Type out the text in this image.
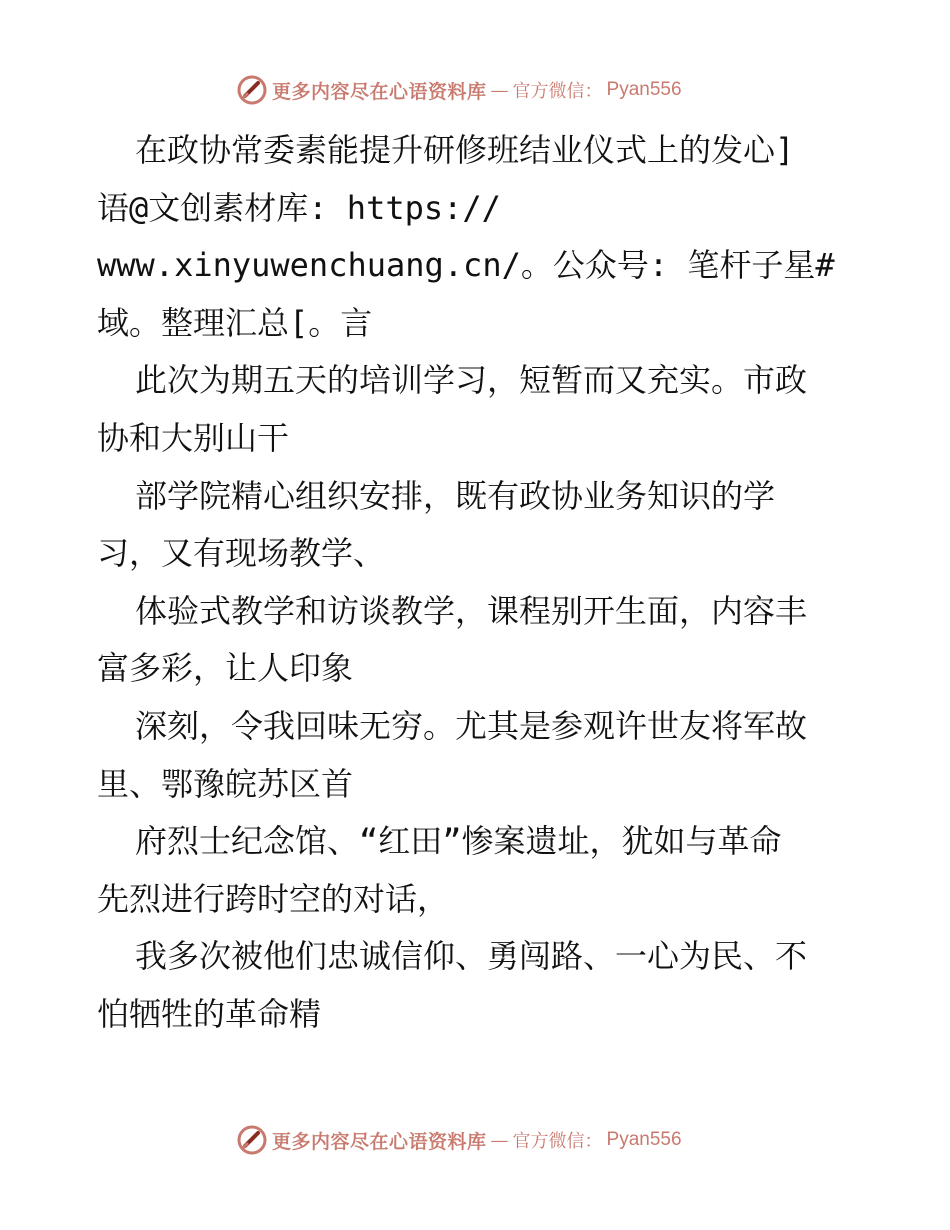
更多内容尽在心语资料库 — 官方微信： Pyan556
在政协常委素能提升研修班结业仪式上的发心]
语@文创素材库: https://
www.xinyuwenchuang.cn/。公众号: 笔杆子星#
域。整理汇总[。言
此次为期五天的培训学习，短暂而又充实。市政
协和大别山干
部学院精心组织安排，既有政协业务知识的学
习，又有现场教学、
体验式教学和访谈教学，课程别开生面，内容丰
富多彩，让人印象
深刻，令我回味无穷。尤其是参观许世友将军故
里、鄂豫皖苏区首
府烈士纪念馆、“红田”惨案遗址，犹如与革命
先烈进行跨时空的对话，
我多次被他们忠诚信仰、勇闯路、一心为民、不
怕牺牲的革命精
更多内容尽在心语资料库 — 官方微信： Pyan556
